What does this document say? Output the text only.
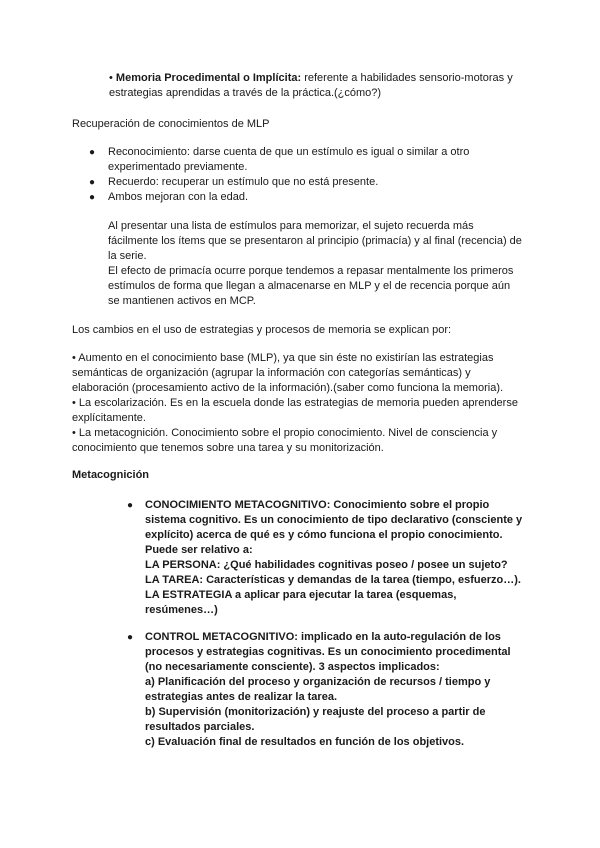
• Memoria Procedimental o Implícita: referente a habilidades sensorio-motoras y
estrategias aprendidas a través de la práctica.(¿cómo?)
Recuperación de conocimientos de MLP
● Reconocimiento: darse cuenta de que un estímulo es igual o similar a otro
experimentado previamente.
● Recuerdo: recuperar un estímulo que no está presente.
● Ambos mejoran con la edad.
Al presentar una lista de estímulos para memorizar, el sujeto recuerda más
fácilmente los ítems que se presentaron al principio (primacía) y al final (recencia) de
la serie.
El efecto de primacía ocurre porque tendemos a repasar mentalmente los primeros
estímulos de forma que llegan a almacenarse en MLP y el de recencia porque aún
se mantienen activos en MCP.
Los cambios en el uso de estrategias y procesos de memoria se explican por:
• Aumento en el conocimiento base (MLP), ya que sin éste no existirían las estrategias
semánticas de organización (agrupar la información con categorías semánticas) y
elaboración (procesamiento activo de la información).(saber como funciona la memoria).
• La escolarización. Es en la escuela donde las estrategias de memoria pueden aprenderse
explícitamente.
• La metacognición. Conocimiento sobre el propio conocimiento. Nivel de consciencia y
conocimiento que tenemos sobre una tarea y su monitorización.
Metacognición
● CONOCIMIENTO METACOGNITIVO: Conocimiento sobre el propio
sistema cognitivo. Es un conocimiento de tipo declarativo (consciente y
explícito) acerca de qué es y cómo funciona el propio conocimiento.
Puede ser relativo a:
LA PERSONA: ¿Qué habilidades cognitivas poseo / posee un sujeto?
LA TAREA: Características y demandas de la tarea (tiempo, esfuerzo…).
LA ESTRATEGIA a aplicar para ejecutar la tarea (esquemas,
resúmenes…)
● CONTROL METACOGNITIVO: implicado en la auto-regulación de los
procesos y estrategias cognitivas. Es un conocimiento procedimental
(no necesariamente consciente). 3 aspectos implicados:
a) Planificación del proceso y organización de recursos / tiempo y
estrategias antes de realizar la tarea.
b) Supervisión (monitorización) y reajuste del proceso a partir de
resultados parciales.
c) Evaluación final de resultados en función de los objetivos.
